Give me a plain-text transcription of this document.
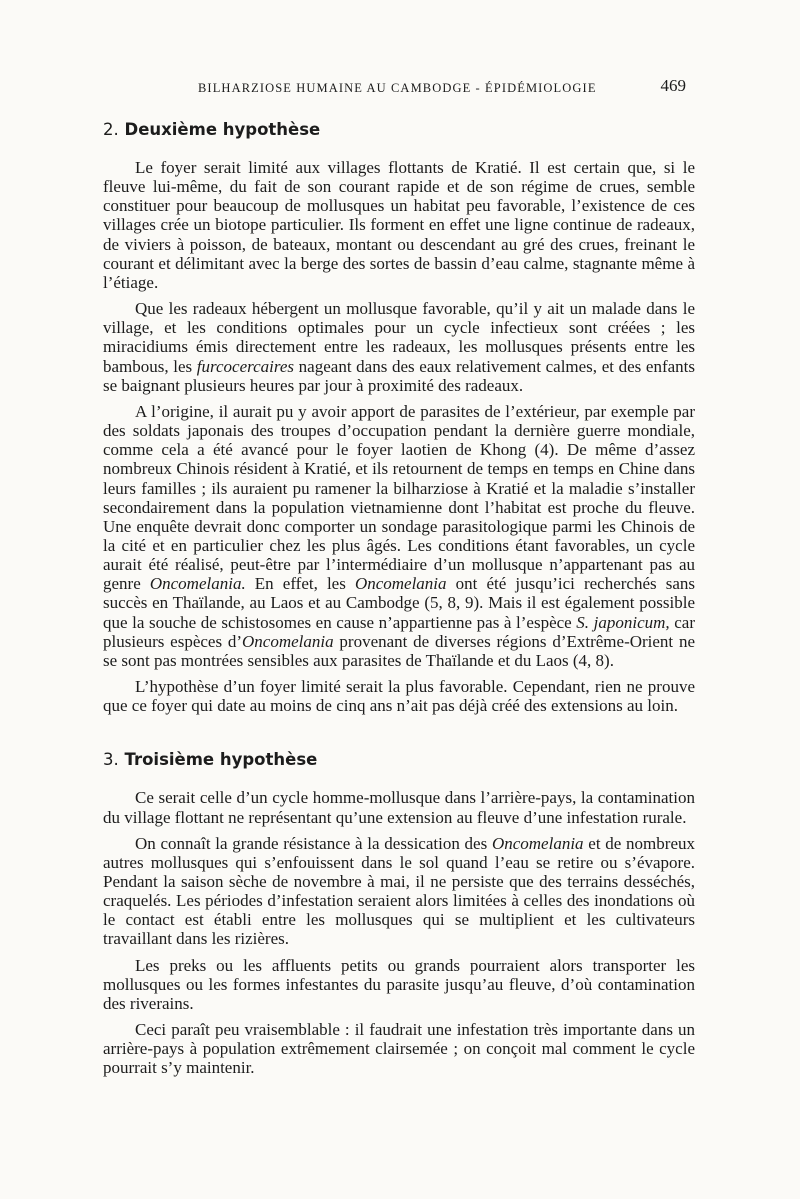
BILHARZIOSE HUMAINE AU CAMBODGE - ÉPIDÉMIOLOGIE	469
2. Deuxième hypothèse

Le foyer serait limité aux villages flottants de Kratié. Il est certain que, si le fleuve lui-même, du fait de son courant rapide et de son régime de crues, semble constituer pour beaucoup de mollusques un habitat peu favorable, l’existence de ces villages crée un biotope particulier. Ils forment en effet une ligne continue de radeaux, de viviers à poisson, de bateaux, montant ou descendant au gré des crues, freinant le courant et délimitant avec la berge des sortes de bassin d’eau calme, stagnante même à l’étiage.

Que les radeaux hébergent un mollusque favorable, qu’il y ait un malade dans le village, et les conditions optimales pour un cycle infectieux sont créées ; les miracidiums émis directement entre les radeaux, les mollusques présents entre les bambous, les furcocercaires nageant dans des eaux relativement calmes, et des enfants se baignant plusieurs heures par jour à proximité des radeaux.

A l’origine, il aurait pu y avoir apport de parasites de l’extérieur, par exemple par des soldats japonais des troupes d’occupation pendant la dernière guerre mondiale, comme cela a été avancé pour le foyer laotien de Khong (4). De même d’assez nombreux Chinois résident à Kratié, et ils retournent de temps en temps en Chine dans leurs familles ; ils auraient pu ramener la bilharziose à Kratié et la maladie s’installer secondairement dans la population vietnamienne dont l’habitat est proche du fleuve. Une enquête devrait donc comporter un sondage parasitologique parmi les Chinois de la cité et en particulier chez les plus âgés. Les conditions étant favorables, un cycle aurait été réalisé, peut-être par l’intermédiaire d’un mollusque n’appartenant pas au genre Oncomelania. En effet, les Oncomelania ont été jusqu’ici recherchés sans succès en Thaïlande, au Laos et au Cambodge (5, 8, 9). Mais il est également possible que la souche de schistosomes en cause n’appartienne pas à l’espèce S. japonicum, car plusieurs espèces d’Oncomelania provenant de diverses régions d’Extrême-Orient ne se sont pas montrées sensibles aux parasites de Thaïlande et du Laos (4, 8).

L’hypothèse d’un foyer limité serait la plus favorable. Cependant, rien ne prouve que ce foyer qui date au moins de cinq ans n’ait pas déjà créé des extensions au loin.

3. Troisième hypothèse

Ce serait celle d’un cycle homme-mollusque dans l’arrière-pays, la contamination du village flottant ne représentant qu’une extension au fleuve d’une infestation rurale.

On connaît la grande résistance à la dessication des Oncomelania et de nombreux autres mollusques qui s’enfouissent dans le sol quand l’eau se retire ou s’évapore. Pendant la saison sèche de novembre à mai, il ne persiste que des terrains desséchés, craquelés. Les périodes d’infestation seraient alors limitées à celles des inondations où le contact est établi entre les mollusques qui se multiplient et les cultivateurs travaillant dans les rizières.

Les preks ou les affluents petits ou grands pourraient alors transporter les mollusques ou les formes infestantes du parasite jusqu’au fleuve, d’où contamination des riverains.

Ceci paraît peu vraisemblable : il faudrait une infestation très importante dans un arrière-pays à population extrêmement clairsemée ; on conçoit mal comment le cycle pourrait s’y maintenir.
